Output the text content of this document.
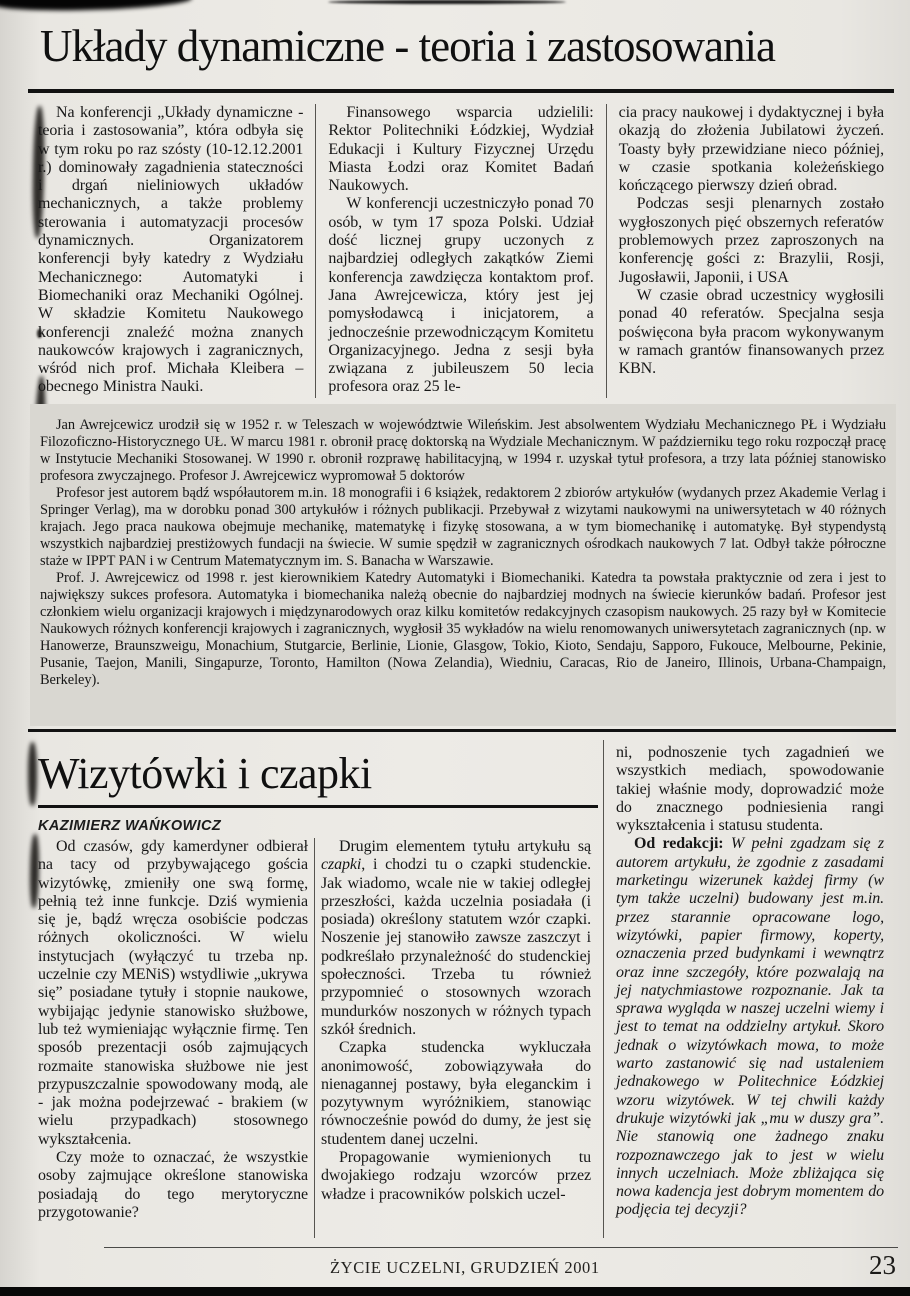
Układy dynamiczne - teoria i zastosowania

Na konferencji „Układy dynamiczne - teoria i zastosowania”, która odbyła się w tym roku po raz szósty (10-12.12.2001 r.) dominowały zagadnienia stateczności i drgań nieliniowych układów mechanicznych, a także problemy sterowania i automatyzacji procesów dynamicznych. Organizatorem konferencji były katedry z Wydziału Mechanicznego: Automatyki i Biomechaniki oraz Mechaniki Ogólnej. W składzie Komitetu Naukowego konferencji znaleźć można znanych naukowców krajowych i zagranicznych, wśród nich prof. Michała Kleibera – obecnego Ministra Nauki.

Finansowego wsparcia udzielili: Rektor Politechniki Łódzkiej, Wydział Edukacji i Kultury Fizycznej Urzędu Miasta Łodzi oraz Komitet Badań Naukowych.

W konferencji uczestniczyło ponad 70 osób, w tym 17 spoza Polski. Udział dość licznej grupy uczonych z najbardziej odległych zakątków Ziemi konferencja zawdzięcza kontaktom prof. Jana Awrejcewicza, który jest jej pomysłodawcą i inicjatorem, a jednocześnie przewodniczącym Komitetu Organizacyjnego. Jedna z sesji była związana z jubileuszem 50 lecia profesora oraz 25 le-

cia pracy naukowej i dydaktycznej i była okazją do złożenia Jubilatowi życzeń. Toasty były przewidziane nieco później, w czasie spotkania koleżeńskiego kończącego pierwszy dzień obrad.

Podczas sesji plenarnych zostało wygłoszonych pięć obszernych referatów problemowych przez zaproszonych na konferencję gości z: Brazylii, Rosji, Jugosławii, Japonii, i USA

W czasie obrad uczestnicy wygłosili ponad 40 referatów. Specjalna sesja poświęcona była pracom wykonywanym w ramach grantów finansowanych przez KBN.

Jan Awrejcewicz urodził się w 1952 r. w Teleszach w województwie Wileńskim. Jest absolwentem Wydziału Mechanicznego PŁ i Wydziału Filozoficzno-Historycznego UŁ. W marcu 1981 r. obronił pracę doktorską na Wydziale Mechanicznym. W październiku tego roku rozpoczął pracę w Instytucie Mechaniki Stosowanej. W 1990 r. obronił rozprawę habilitacyjną, w 1994 r. uzyskał tytuł profesora, a trzy lata później stanowisko profesora zwyczajnego. Profesor J. Awrejcewicz wypromował 5 doktorów

Profesor jest autorem bądź współautorem m.in. 18 monografii i 6 książek, redaktorem 2 zbiorów artykułów (wydanych przez Akademie Verlag i Springer Verlag), ma w dorobku ponad 300 artykułów i różnych publikacji. Przebywał z wizytami naukowymi na uniwersytetach w 40 różnych krajach. Jego praca naukowa obejmuje mechanikę, matematykę i fizykę stosowana, a w tym biomechanikę i automatykę. Był stypendystą wszystkich najbardziej prestiżowych fundacji na świecie. W sumie spędził w zagranicznych ośrodkach naukowych 7 lat. Odbył także półroczne staże w IPPT PAN i w Centrum Matematycznym im. S. Banacha w Warszawie.

Prof. J. Awrejcewicz od 1998 r. jest kierownikiem Katedry Automatyki i Biomechaniki. Katedra ta powstała praktycznie od zera i jest to największy sukces profesora. Automatyka i biomechanika należą obecnie do najbardziej modnych na świecie kierunków badań. Profesor jest członkiem wielu organizacji krajowych i międzynarodowych oraz kilku komitetów redakcyjnych czasopism naukowych. 25 razy był w Komitecie Naukowych różnych konferencji krajowych i zagranicznych, wygłosił 35 wykładów na wielu renomowanych uniwersytetach zagranicznych (np. w Hanowerze, Braunszweigu, Monachium, Stutgarcie, Berlinie, Lionie, Glasgow, Tokio, Kioto, Sendaju, Sapporo, Fukouce, Melbourne, Pekinie, Pusanie, Taejon, Manili, Singapurze, Toronto, Hamilton (Nowa Zelandia), Wiedniu, Caracas, Rio de Janeiro, Illinois, Urbana-Champaign, Berkeley).

Wizytówki i czapki
KAZIMIERZ WAŃKOWICZ

Od czasów, gdy kamerdyner odbierał na tacy od przybywającego gościa wizytówkę, zmieniły one swą formę, pełnią też inne funkcje. Dziś wymienia się je, bądź wręcza osobiście podczas różnych okoliczności. W wielu instytucjach (wyłączyć tu trzeba np. uczelnie czy MENiS) wstydliwie „ukrywa się” posiadane tytuły i stopnie naukowe, wybijając jedynie stanowisko służbowe, lub też wymieniając wyłącznie firmę. Ten sposób prezentacji osób zajmujących rozmaite stanowiska służbowe nie jest przypuszczalnie spowodowany modą, ale - jak można podejrzewać - brakiem (w wielu przypadkach) stosownego wykształcenia.

Czy może to oznaczać, że wszystkie osoby zajmujące określone stanowiska posiadają do tego merytoryczne przygotowanie?

Drugim elementem tytułu artykułu są czapki, i chodzi tu o czapki studenckie. Jak wiadomo, wcale nie w takiej odległej przeszłości, każda uczelnia posiadała (i posiada) określony statutem wzór czapki. Noszenie jej stanowiło zawsze zaszczyt i podkreślało przynależność do studenckiej społeczności. Trzeba tu również przypomnieć o stosownych wzorach mundurków noszonych w różnych typach szkół średnich.

Czapka studencka wykluczała anonimowość, zobowiązywała do nienagannej postawy, była eleganckim i pozytywnym wyróżnikiem, stanowiąc równocześnie powód do dumy, że jest się studentem danej uczelni.

Propagowanie wymienionych tu dwojakiego rodzaju wzorców przez władze i pracowników polskich uczel-

ni, podnoszenie tych zagadnień we wszystkich mediach, spowodowanie takiej właśnie mody, doprowadzić może do znacznego podniesienia rangi wykształcenia i statusu studenta.

Od redakcji: W pełni zgadzam się z autorem artykułu, że zgodnie z zasadami marketingu wizerunek każdej firmy (w tym także uczelni) budowany jest m.in. przez starannie opracowane logo, wizytówki, papier firmowy, koperty, oznaczenia przed budynkami i wewnątrz oraz inne szczegóły, które pozwalają na jej natychmiastowe rozpoznanie. Jak ta sprawa wygląda w naszej uczelni wiemy i jest to temat na oddzielny artykuł. Skoro jednak o wizytówkach mowa, to może warto zastanowić się nad ustaleniem jednakowego w Politechnice Łódzkiej wzoru wizytówek. W tej chwili każdy drukuje wizytówki jak „mu w duszy gra”. Nie stanowią one żadnego znaku rozpoznawczego jak to jest w wielu innych uczelniach. Może zbliżająca się nowa kadencja jest dobrym momentem do podjęcia tej decyzji?

ŻYCIE UCZELNI, GRUDZIEŃ 2001	23
